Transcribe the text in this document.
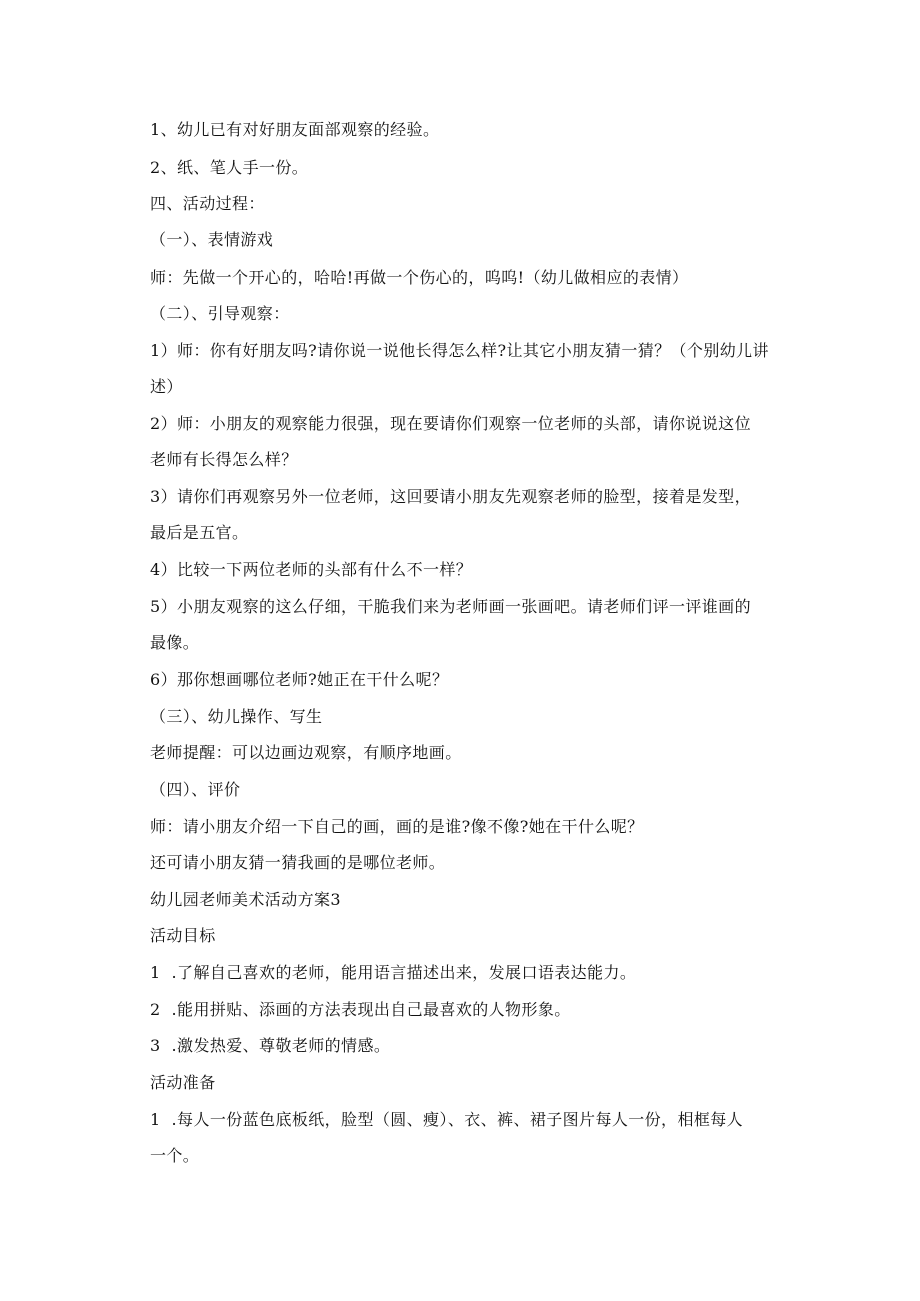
1、幼儿已有对好朋友面部观察的经验。
2、纸、笔人手一份。
四、活动过程：
（一）、表情游戏
师：先做一个开心的，哈哈!再做一个伤心的，呜呜!（幼儿做相应的表情）
（二）、引导观察：
1）师：你有好朋友吗?请你说一说他长得怎么样?让其它小朋友猜一猜？（个别幼儿讲
述）
2）师：小朋友的观察能力很强，现在要请你们观察一位老师的头部，请你说说这位
老师有长得怎么样？
3）请你们再观察另外一位老师，这回要请小朋友先观察老师的脸型，接着是发型，
最后是五官。
4）比较一下两位老师的头部有什么不一样？
5）小朋友观察的这么仔细，干脆我们来为老师画一张画吧。请老师们评一评谁画的
最像。
6）那你想画哪位老师?她正在干什么呢？
（三）、幼儿操作、写生
老师提醒：可以边画边观察，有顺序地画。
（四）、评价
师：请小朋友介绍一下自己的画，画的是谁?像不像?她在干什么呢？
还可请小朋友猜一猜我画的是哪位老师。
幼儿园老师美术活动方案3
活动目标
1  .了解自己喜欢的老师，能用语言描述出来，发展口语表达能力。
2  .能用拼贴、添画的方法表现出自己最喜欢的人物形象。
3  .激发热爱、尊敬老师的情感。
活动准备
1  .每人一份蓝色底板纸，脸型（圆、瘦）、衣、裤、裙子图片每人一份，相框每人
一个。
